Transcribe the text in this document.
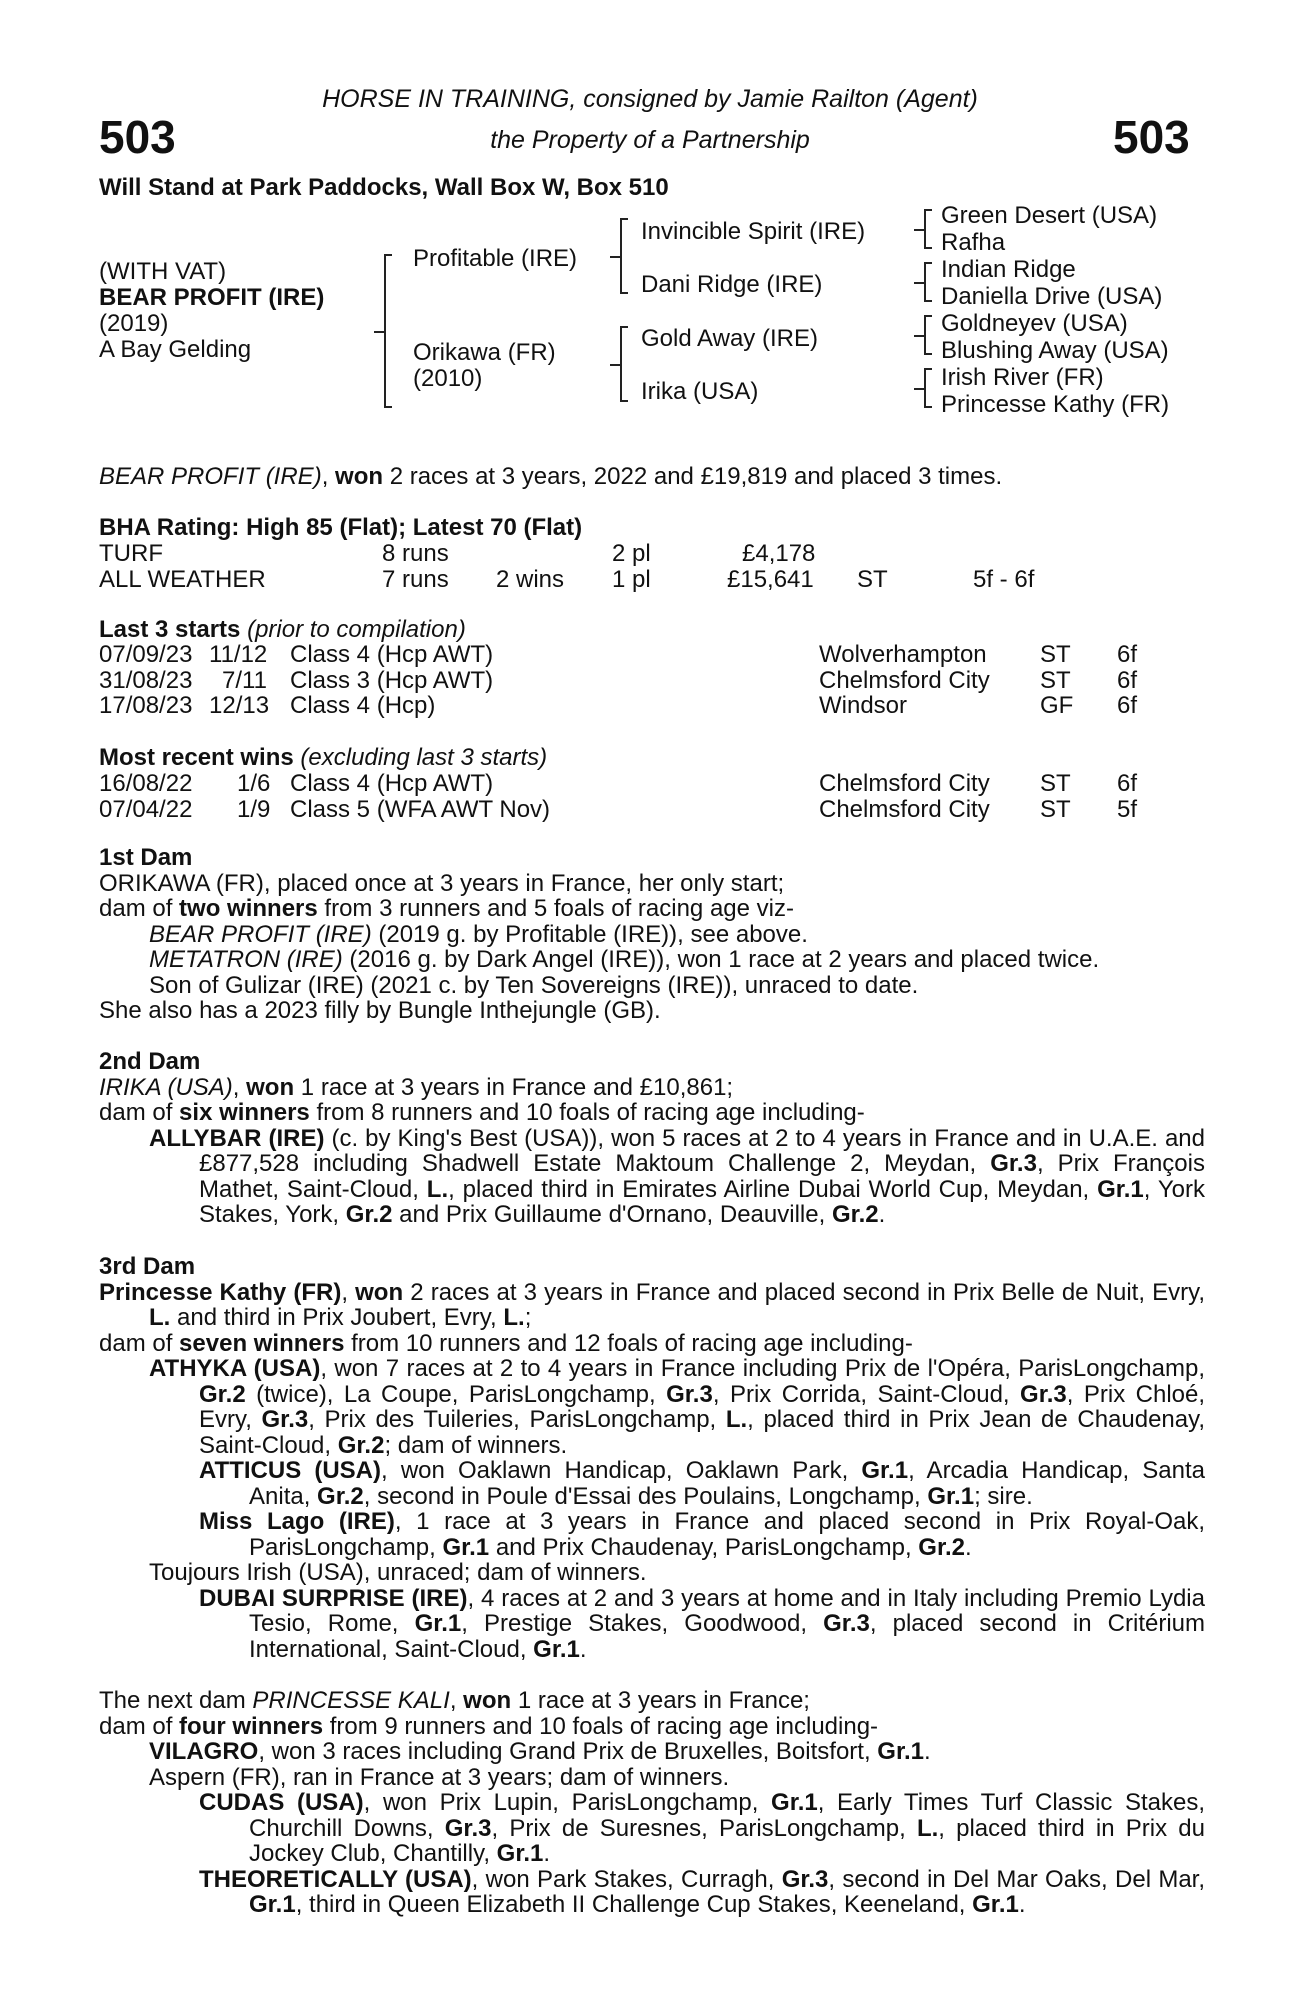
503	503
HORSE IN TRAINING, consigned by Jamie Railton (Agent)
the Property of a Partnership
Will Stand at Park Paddocks, Wall Box W, Box 510
(WITH VAT)
BEAR PROFIT (IRE)
(2019)
A Bay Gelding
Profitable (IRE)
Orikawa (FR)
(2010)
Invincible Spirit (IRE)
Dani Ridge (IRE)
Gold Away (IRE)
Irika (USA)
Green Desert (USA)
Rafha
Indian Ridge
Daniella Drive (USA)
Goldneyev (USA)
Blushing Away (USA)
Irish River (FR)
Princesse Kathy (FR)
BEAR PROFIT (IRE), won 2 races at 3 years, 2022 and £19,819 and placed 3 times.
BHA Rating: High 85 (Flat); Latest 70 (Flat)
TURF	8 runs	2 pl	£4,178
ALL WEATHER	7 runs 2 wins 1 pl	£15,641 ST	5f - 6f
Last 3 starts (prior to compilation)
07/09/23 11/12 Class 4 (Hcp AWT)	Wolverhampton ST 6f
31/08/23 7/11 Class 3 (Hcp AWT)	Chelmsford City ST 6f
17/08/23 12/13 Class 4 (Hcp)	Windsor	GF 6f
Most recent wins (excluding last 3 starts)
16/08/22 1/6 Class 4 (Hcp AWT)	Chelmsford City ST 6f
07/04/22 1/9 Class 5 (WFA AWT Nov)	Chelmsford City ST 5f

1st Dam

ORIKAWA (FR), placed once at 3 years in France, her only start;

dam of two winners from 3 runners and 5 foals of racing age viz-

BEAR PROFIT (IRE) (2019 g. by Profitable (IRE)), see above.

METATRON (IRE) (2016 g. by Dark Angel (IRE)), won 1 race at 2 years and placed twice.

Son of Gulizar (IRE) (2021 c. by Ten Sovereigns (IRE)), unraced to date.

She also has a 2023 filly by Bungle Inthejungle (GB).

2nd Dam

IRIKA (USA), won 1 race at 3 years in France and £10,861;

dam of six winners from 8 runners and 10 foals of racing age including-

ALLYBAR (IRE) (c. by King's Best (USA)), won 5 races at 2 to 4 years in France and in U.A.E. and £877,528 including Shadwell Estate Maktoum Challenge 2, Meydan, Gr.3, Prix François Mathet, Saint-Cloud, L., placed third in Emirates Airline Dubai World Cup, Meydan, Gr.1, York Stakes, York, Gr.2 and Prix Guillaume d'Ornano, Deauville, Gr.2.

3rd Dam

Princesse Kathy (FR), won 2 races at 3 years in France and placed second in Prix Belle de Nuit, Evry, L. and third in Prix Joubert, Evry, L.;

dam of seven winners from 10 runners and 12 foals of racing age including-

ATHYKA (USA), won 7 races at 2 to 4 years in France including Prix de l'Opéra, ParisLongchamp, Gr.2 (twice), La Coupe, ParisLongchamp, Gr.3, Prix Corrida, Saint-Cloud, Gr.3, Prix Chloé, Evry, Gr.3, Prix des Tuileries, ParisLongchamp, L., placed third in Prix Jean de Chaudenay, Saint-Cloud, Gr.2; dam of winners.

ATTICUS (USA), won Oaklawn Handicap, Oaklawn Park, Gr.1, Arcadia Handicap, Santa Anita, Gr.2, second in Poule d'Essai des Poulains, Longchamp, Gr.1; sire.

Miss Lago (IRE), 1 race at 3 years in France and placed second in Prix Royal-Oak, ParisLongchamp, Gr.1 and Prix Chaudenay, ParisLongchamp, Gr.2.

Toujours Irish (USA), unraced; dam of winners.

DUBAI SURPRISE (IRE), 4 races at 2 and 3 years at home and in Italy including Premio Lydia Tesio, Rome, Gr.1, Prestige Stakes, Goodwood, Gr.3, placed second in Critérium International, Saint-Cloud, Gr.1.

The next dam PRINCESSE KALI, won 1 race at 3 years in France;

dam of four winners from 9 runners and 10 foals of racing age including-

VILAGRO, won 3 races including Grand Prix de Bruxelles, Boitsfort, Gr.1.

Aspern (FR), ran in France at 3 years; dam of winners.

CUDAS (USA), won Prix Lupin, ParisLongchamp, Gr.1, Early Times Turf Classic Stakes, Churchill Downs, Gr.3, Prix de Suresnes, ParisLongchamp, L., placed third in Prix du Jockey Club, Chantilly, Gr.1.

THEORETICALLY (USA), won Park Stakes, Curragh, Gr.3, second in Del Mar Oaks, Del Mar, Gr.1, third in Queen Elizabeth II Challenge Cup Stakes, Keeneland, Gr.1.
